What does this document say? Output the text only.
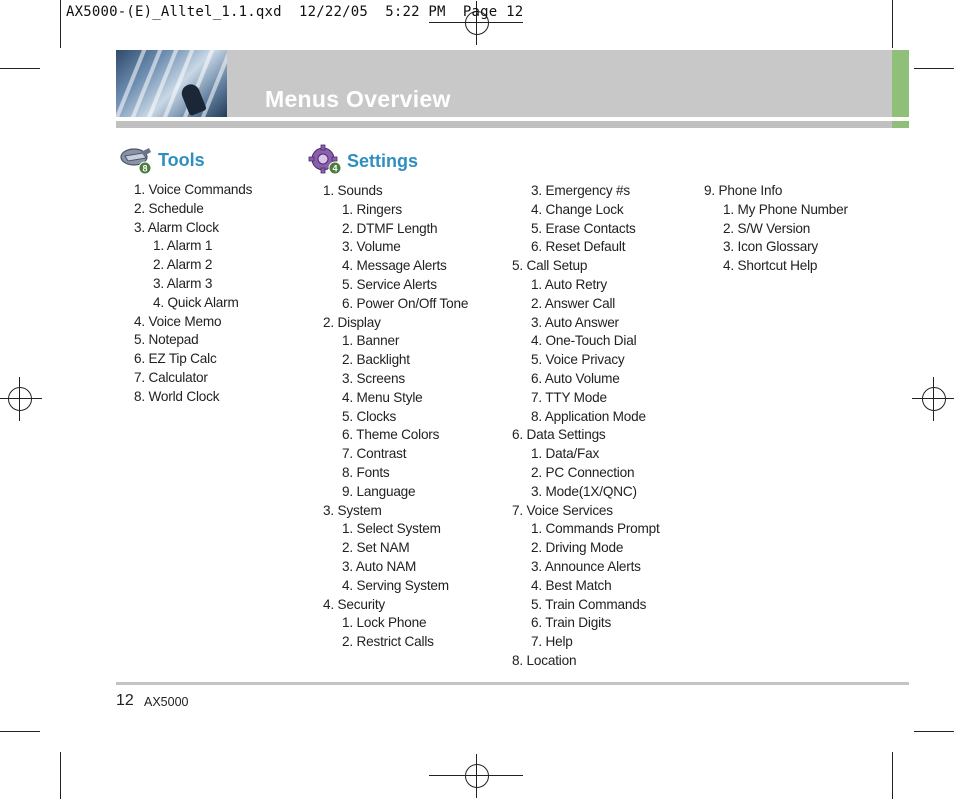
AX5000-(E)_Alltel_1.1.qxd  12/22/05  5:22 PM  Page 12
Menus Overview
8 Tools
1. Voice Commands
2. Schedule
3. Alarm Clock
1. Alarm 1
2. Alarm 2
3. Alarm 3
4. Quick Alarm
4. Voice Memo
5. Notepad
6. EZ Tip Calc
7. Calculator
8. World Clock
4 Settings
1. Sounds
1. Ringers
2. DTMF Length
3. Volume
4. Message Alerts
5. Service Alerts
6. Power On/Off Tone
2. Display
1. Banner
2. Backlight
3. Screens
4. Menu Style
5. Clocks
6. Theme Colors
7. Contrast
8. Fonts
9. Language
3. System
1. Select System
2. Set NAM
3. Auto NAM
4. Serving System
4. Security
1. Lock Phone
2. Restrict Calls
3. Emergency #s
4. Change Lock
5. Erase Contacts
6. Reset Default
5. Call Setup
1. Auto Retry
2. Answer Call
3. Auto Answer
4. One-Touch Dial
5. Voice Privacy
6. Auto Volume
7. TTY Mode
8. Application Mode
6. Data Settings
1. Data/Fax
2. PC Connection
3. Mode(1X/QNC)
7. Voice Services
1. Commands Prompt
2. Driving Mode
3. Announce Alerts
4. Best Match
5. Train Commands
6. Train Digits
7. Help
8. Location
9. Phone Info
1. My Phone Number
2. S/W Version
3. Icon Glossary
4. Shortcut Help
12 AX5000
